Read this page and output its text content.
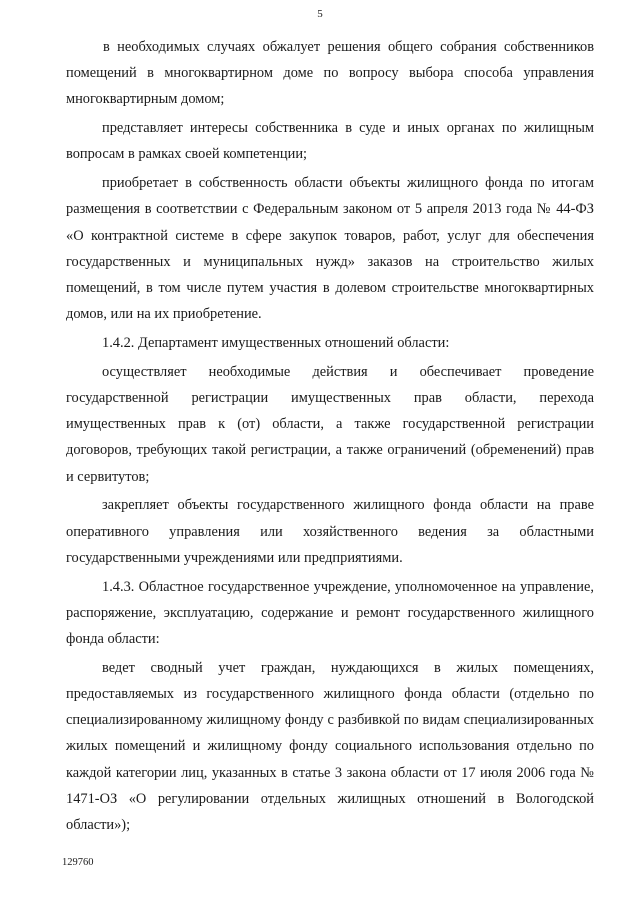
5

в необходимых случаях обжалует решения общего собрания собственников помещений в многоквартирном доме по вопросу выбора способа управления многоквартирным домом;

представляет интересы собственника в суде и иных органах по жилищным вопросам в рамках своей компетенции;

приобретает в собственность области объекты жилищного фонда по итогам размещения в соответствии с Федеральным законом от 5 апреля 2013 года № 44-ФЗ «О контрактной системе в сфере закупок товаров, работ, услуг для обеспечения государственных и муниципальных нужд» заказов на строительство жилых помещений, в том числе путем участия в долевом строительстве многоквартирных домов, или на их приобретение.

1.4.2. Департамент имущественных отношений области:

осуществляет необходимые действия и обеспечивает проведение государственной регистрации имущественных прав области, перехода имущественных прав к (от) области, а также государственной регистрации договоров, требующих такой регистрации, а также ограничений (обременений) прав и сервитутов;

закрепляет объекты государственного жилищного фонда области на праве оперативного управления или хозяйственного ведения за областными государственными учреждениями или предприятиями.

1.4.3. Областное государственное учреждение, уполномоченное на управление, распоряжение, эксплуатацию, содержание и ремонт государственного жилищного фонда области:

ведет сводный учет граждан, нуждающихся в жилых помещениях, предоставляемых из государственного жилищного фонда области (отдельно по специализированному жилищному фонду с разбивкой по видам специализированных жилых помещений и жилищному фонду социального использования отдельно по каждой категории лиц, указанных в статье 3 закона области от 17 июля 2006 года № 1471-ОЗ «О регулировании отдельных жилищных отношений в Вологодской области»);

129760
